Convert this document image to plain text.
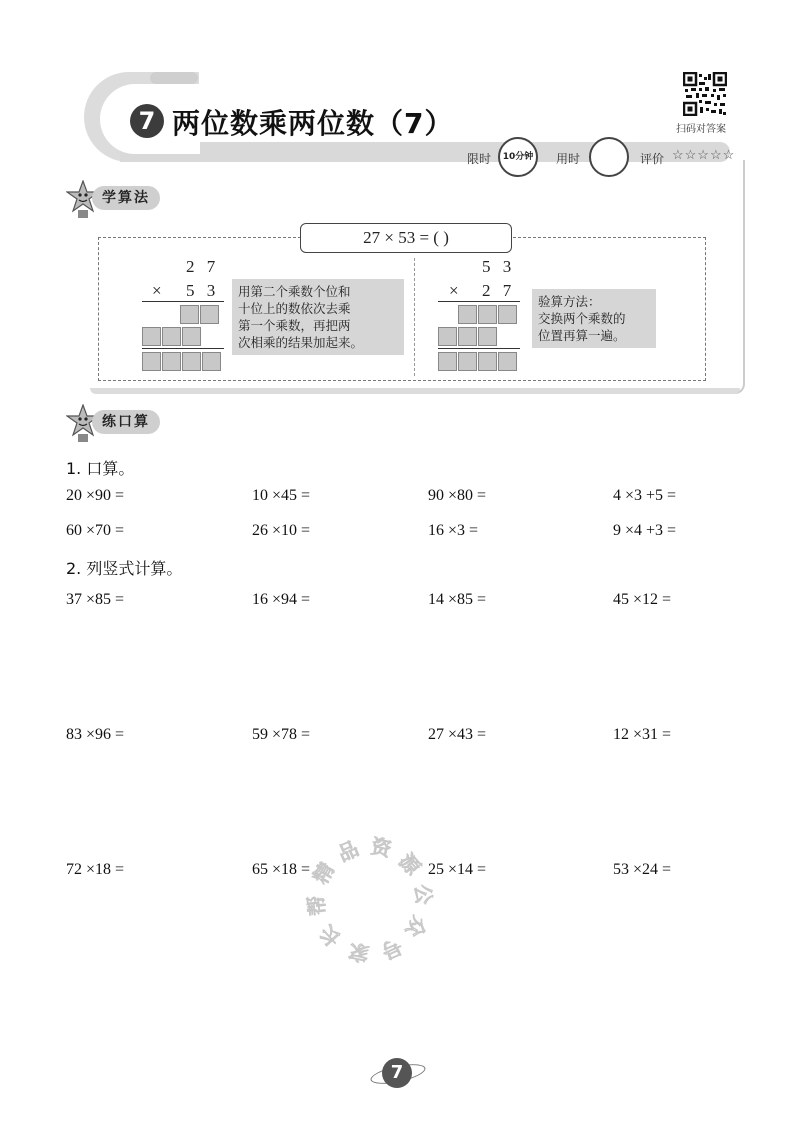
7 两位数乘两位数（7）	扫码对答案
限时	10分钟	用时	评价 ☆☆☆☆☆
学算法
27 × 53 = ( )
2 7
× 5 3 用第二个乘数个位和
十位上的数依次去乘
第一个乘数，再把两
次相乘的结果加起来。
5 3
× 2 7
验算方法：
交换两个乘数的
位置再算一遍。
练口算
1. 口算。
20 ×90 =	10 ×45 =	90 ×80 =	4 ×3 +5 =
60 ×70 =	26 ×10 =	16 ×3 =	9 ×4 +3 =
2. 列竖式计算。
37 ×85 =	16 ×94 =	14 ×85 =	45 ×12 =
83 ×96 =	59 ×78 =	27 ×43 =	12 ×31 =
72 ×18 =	65 ×18 =	25 ×14 =	53 ×24 =
精
品 资
源
公
众
号
家
长
帮
7
